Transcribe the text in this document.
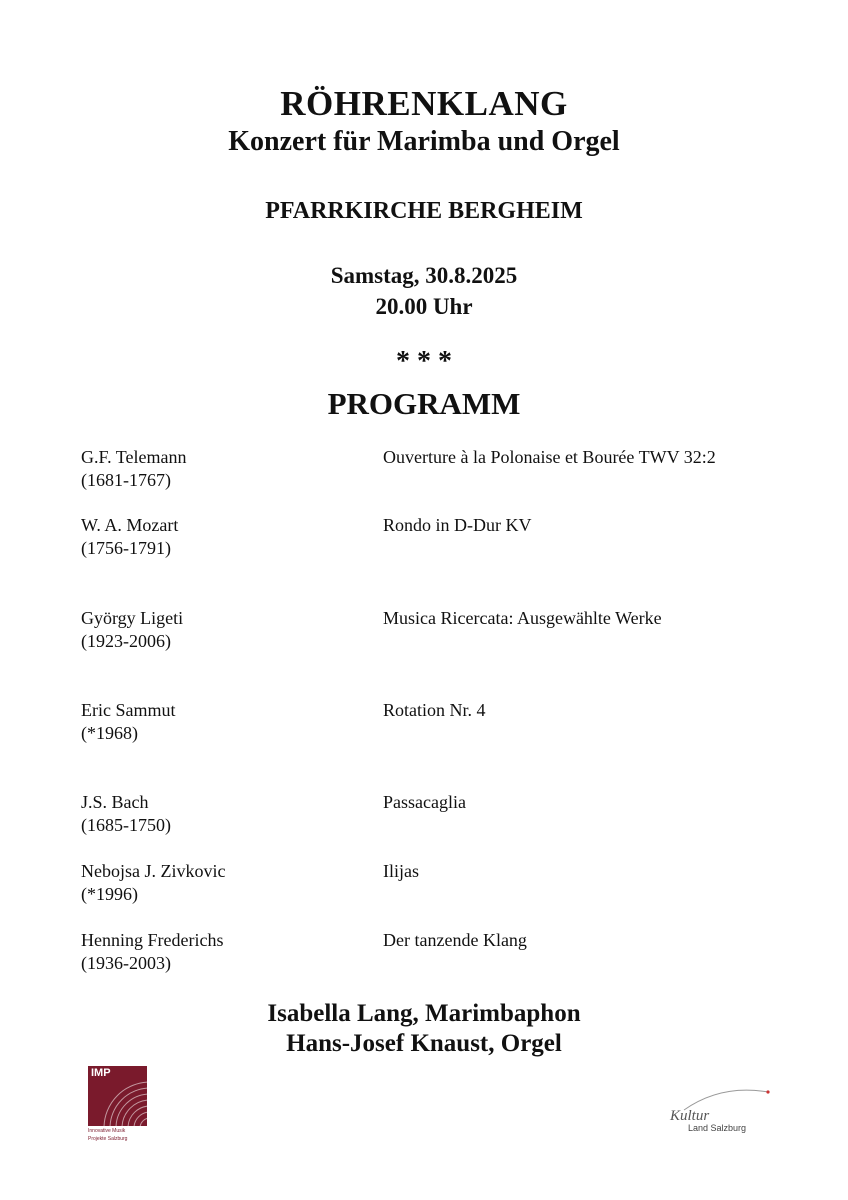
RÖHRENKLANG
Konzert für Marimba und Orgel
PFARRKIRCHE BERGHEIM
Samstag, 30.8.2025
20.00 Uhr
* * *
PROGRAMM
G.F. Telemann
(1681-1767)
Ouverture à la Polonaise et Bourée TWV 32:2
W. A. Mozart
(1756-1791)
Rondo in D-Dur KV
György Ligeti
(1923-2006)
Musica Ricercata: Ausgewählte Werke
Eric Sammut
(*1968)
Rotation Nr. 4
J.S. Bach
(1685-1750)
Passacaglia
Nebojsa J. Zivkovic
(*1996)
Ilijas
Henning Frederichs
(1936-2003)
Der tanzende Klang
Isabella Lang, Marimbaphon
Hans-Josef Knaust, Orgel
IMP
Innovative Musik
Projekte Salzburg
Kultur
Land Salzburg
